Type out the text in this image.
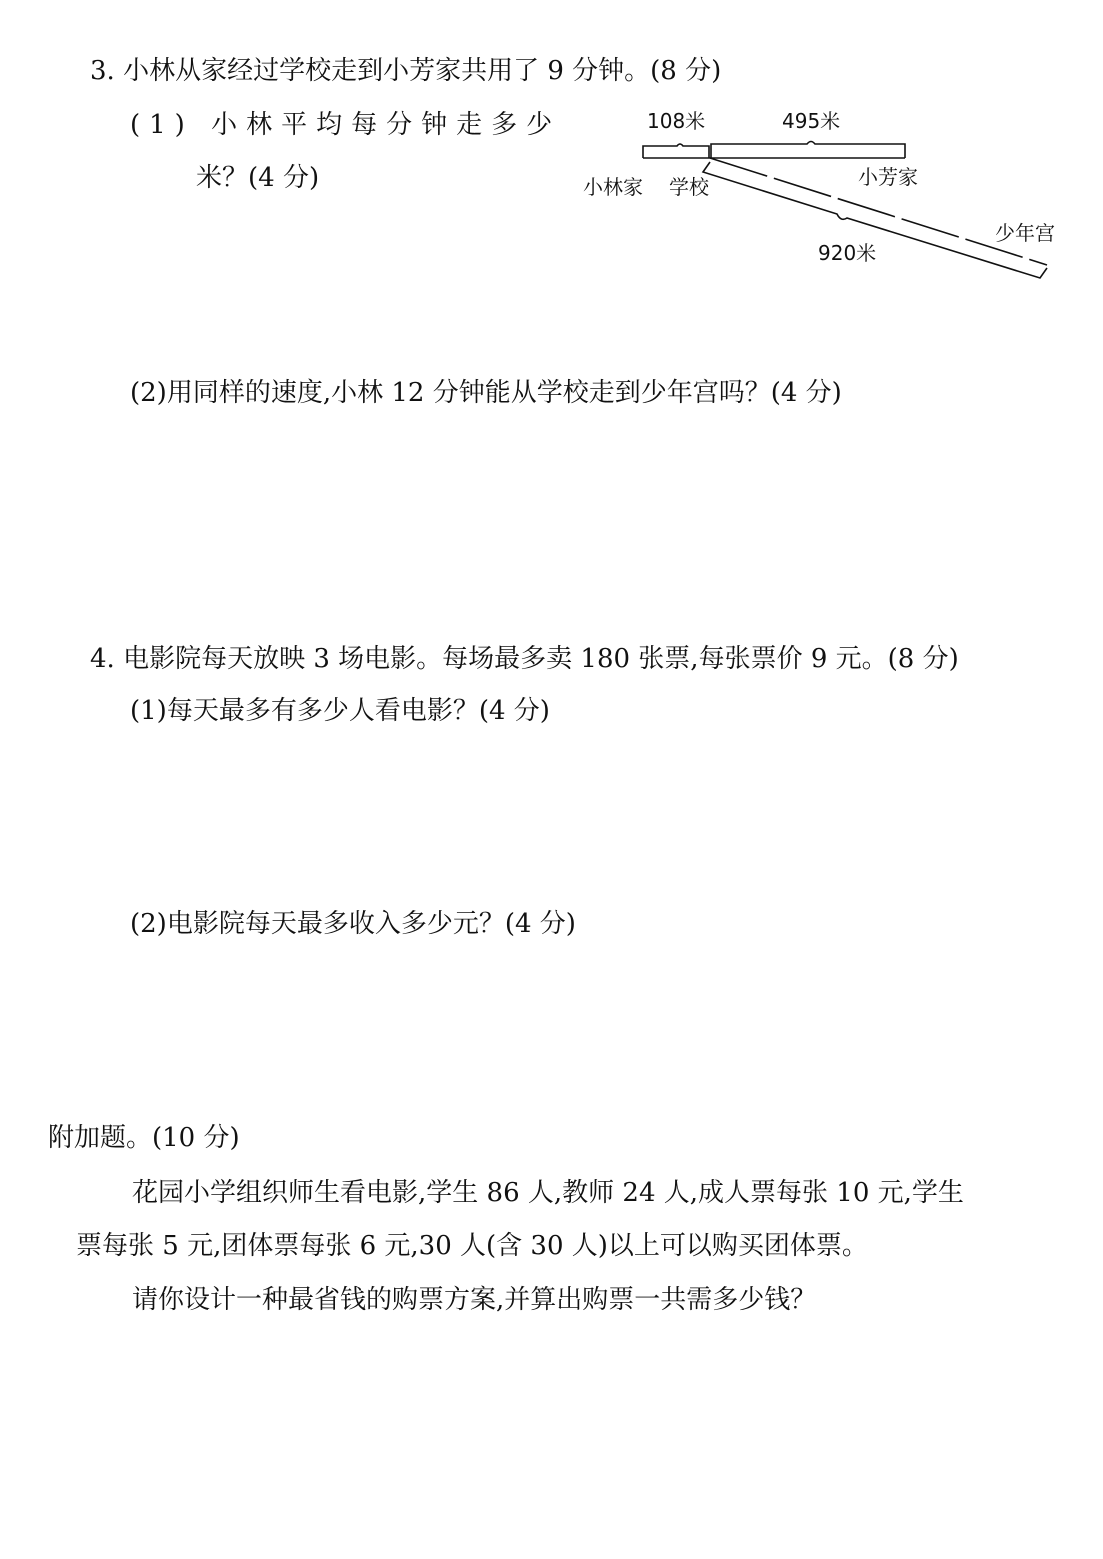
3. 小林从家经过学校走到小芳家共用了 9 分钟。(8 分)
(1) 小林平均每分钟走多少
米？(4 分)
108米	495米
小林家 学校	小芳家
少年宫
920米
(2)用同样的速度,小林 12 分钟能从学校走到少年宫吗？(4 分)
4. 电影院每天放映 3 场电影。每场最多卖 180 张票,每张票价 9 元。(8 分)
(1)每天最多有多少人看电影？(4 分)
(2)电影院每天最多收入多少元？(4 分)
附加题。(10 分)
花园小学组织师生看电影,学生 86 人,教师 24 人,成人票每张 10 元,学生
票每张 5 元,团体票每张 6 元,30 人(含 30 人)以上可以购买团体票。
请你设计一种最省钱的购票方案,并算出购票一共需多少钱？
